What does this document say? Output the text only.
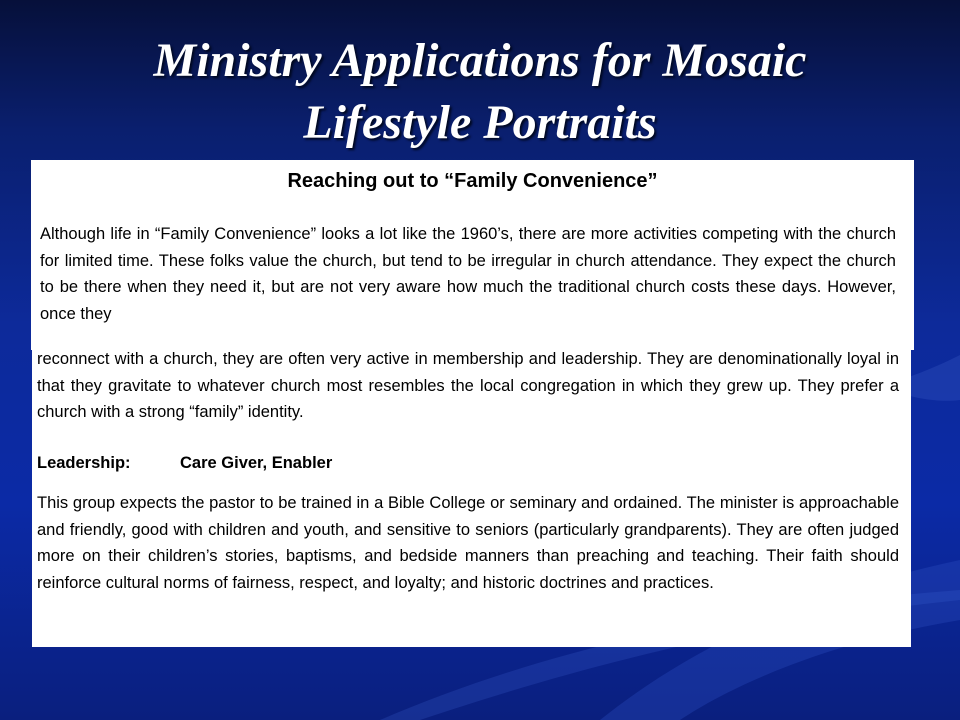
Ministry Applications for Mosaic
Lifestyle Portraits
reconnect with a church, they are often very active in membership and leadership. They are denominationally loyal in that they gravitate to whatever church most resembles the local congregation in which they grew up. They prefer a church with a strong “family” identity.
Leadership:	Care Giver, Enabler
This group expects the pastor to be trained in a Bible College or seminary and ordained. The minister is approachable and friendly, good with children and youth, and sensitive to seniors (particularly grandparents). They are often judged more on their children’s stories, baptisms, and bedside manners than preaching and teaching. Their faith should reinforce cultural norms of fairness, respect, and loyalty; and historic doctrines and practices.
Reaching out to “Family Convenience”
Although life in “Family Convenience” looks a lot like the 1960’s, there are more activities competing with the church for limited time. These folks value the church, but tend to be irregular in church attendance. They expect the church to be there when they need it, but are not very aware how much the traditional church costs these days. However, once they
